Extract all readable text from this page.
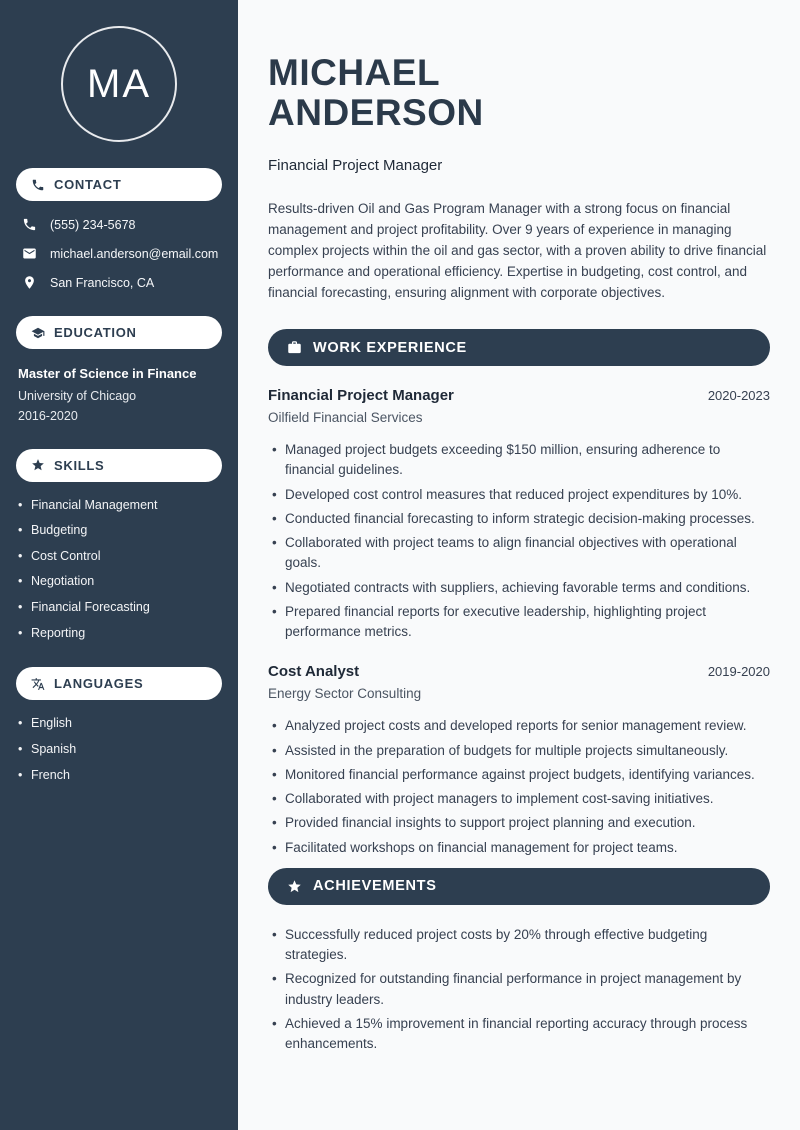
MA
CONTACT
(555) 234-5678
michael.anderson@email.com
San Francisco, CA
EDUCATION
Master of Science in Finance
University of Chicago
2016-2020
SKILLS
• Financial Management
• Budgeting
• Cost Control
• Negotiation
• Financial Forecasting
• Reporting
LANGUAGES
• English
• Spanish
• French
MICHAEL
ANDERSON
Financial Project Manager

Results-driven Oil and Gas Program Manager with a strong focus on financial management and project profitability. Over 9 years of experience in managing complex projects within the oil and gas sector, with a proven ability to drive financial performance and operational efficiency. Expertise in budgeting, cost control, and financial forecasting, ensuring alignment with corporate objectives.

WORK EXPERIENCE
Financial Project Manager	2020-2023
Oilfield Financial Services
• Managed project budgets exceeding $150 million, ensuring adherence to financial guidelines.
• Developed cost control measures that reduced project expenditures by 10%.
• Conducted financial forecasting to inform strategic decision-making processes.
• Collaborated with project teams to align financial objectives with operational goals.
• Negotiated contracts with suppliers, achieving favorable terms and conditions.
• Prepared financial reports for executive leadership, highlighting project performance metrics.
Cost Analyst	2019-2020
Energy Sector Consulting
• Analyzed project costs and developed reports for senior management review.
• Assisted in the preparation of budgets for multiple projects simultaneously.
• Monitored financial performance against project budgets, identifying variances.
• Collaborated with project managers to implement cost-saving initiatives.
• Provided financial insights to support project planning and execution.
• Facilitated workshops on financial management for project teams.
ACHIEVEMENTS
• Successfully reduced project costs by 20% through effective budgeting strategies.
• Recognized for outstanding financial performance in project management by industry leaders.
• Achieved a 15% improvement in financial reporting accuracy through process enhancements.
